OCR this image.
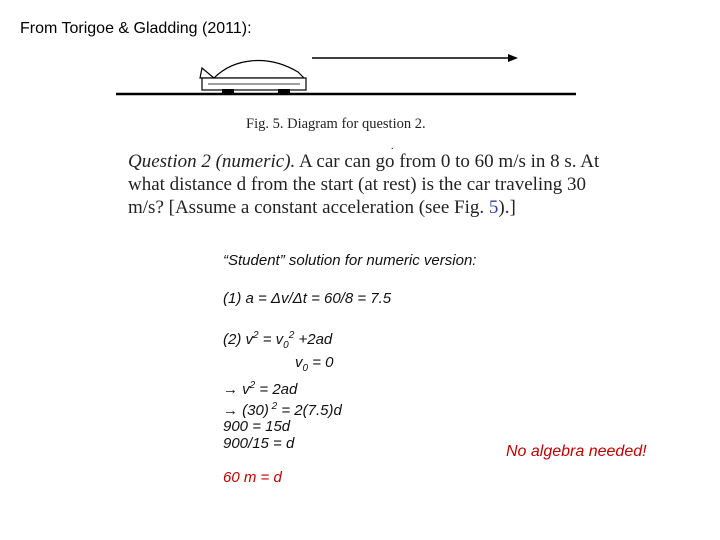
From Torigoe & Gladding (2011):
Fig. 5. Diagram for question 2.
.
Question 2 (numeric). A car can go from 0 to 60 m/s in 8 s. At what distance d from the start (at rest) is the car traveling 30 m/s? [Assume a constant acceleration (see Fig. 5).]
“Student” solution for numeric version:
(1) a = Δv/Δt = 60/8 = 7.5
(2) $v^2 = v_0^2 +2ad$
$v_0 = 0$
→ $v^2 = 2ad$
→ (30) $^2$ = 2(7.5)d
900 = 15d
900/15 = d
60 m = d
No algebra needed!
